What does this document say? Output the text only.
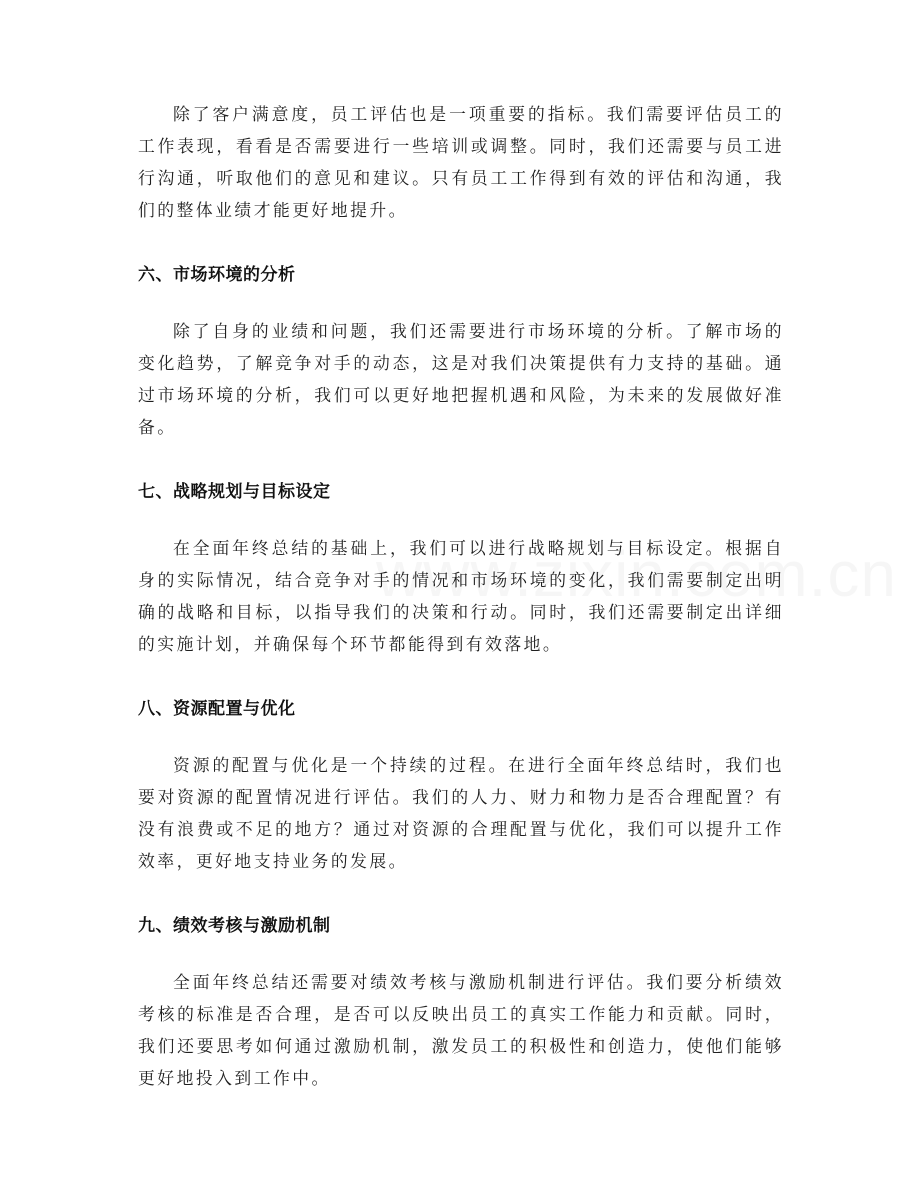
除了客户满意度，员工评估也是一项重要的指标。我们需要评估员工的工作表现，看看是否需要进行一些培训或调整。同时，我们还需要与员工进行沟通，听取他们的意见和建议。只有员工工作得到有效的评估和沟通，我们的整体业绩才能更好地提升。

六、市场环境的分析

除了自身的业绩和问题，我们还需要进行市场环境的分析。了解市场的变化趋势，了解竞争对手的动态，这是对我们决策提供有力支持的基础。通过市场环境的分析，我们可以更好地把握机遇和风险，为未来的发展做好准备。

七、战略规划与目标设定

在全面年终总结的基础上，我们可以进行战略规划与目标设定。根据自身的实际情况，结合竞争对手的情况和市场环境的变化，我们需要制定出明确的战略和目标，以指导我们的决策和行动。同时，我们还需要制定出详细的实施计划，并确保每个环节都能得到有效落地。

八、资源配置与优化

资源的配置与优化是一个持续的过程。在进行全面年终总结时，我们也要对资源的配置情况进行评估。我们的人力、财力和物力是否合理配置？有没有浪费或不足的地方？通过对资源的合理配置与优化，我们可以提升工作效率，更好地支持业务的发展。

九、绩效考核与激励机制

全面年终总结还需要对绩效考核与激励机制进行评估。我们要分析绩效考核的标准是否合理，是否可以反映出员工的真实工作能力和贡献。同时，我们还要思考如何通过激励机制，激发员工的积极性和创造力，使他们能够更好地投入到工作中。
